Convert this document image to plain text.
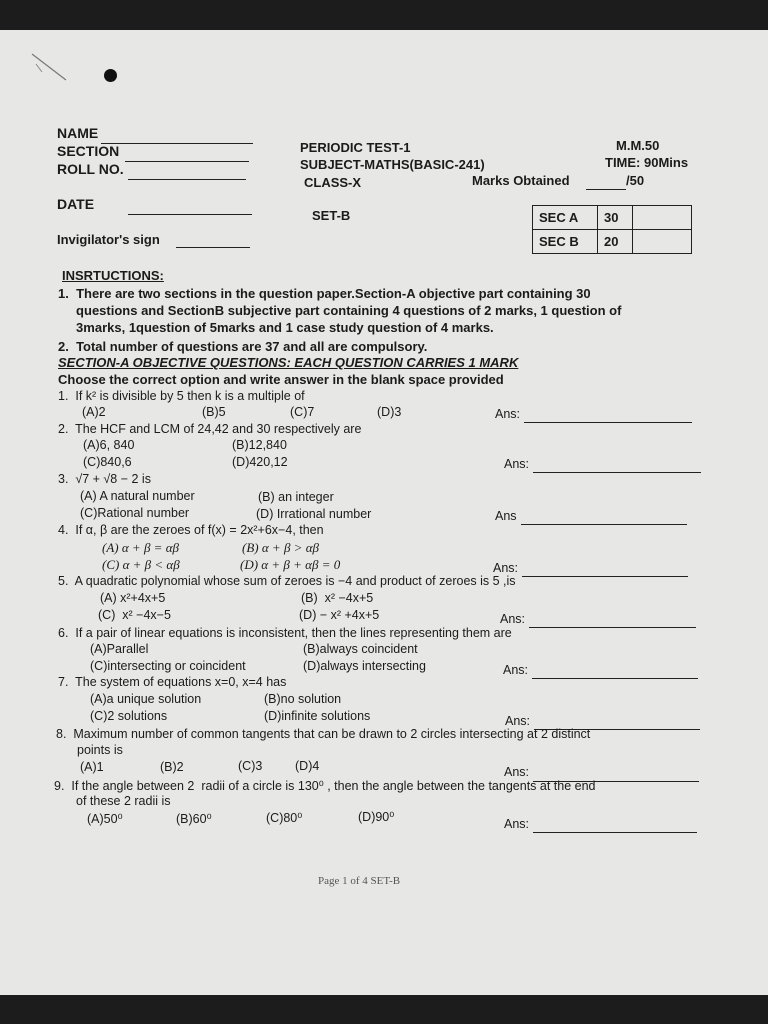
NAME
SECTION
ROLL NO.
DATE
Invigilator's sign
PERIODIC TEST-1
SUBJECT-MATHS(BASIC-241)
CLASS-X
SET-B
M.M.50
TIME: 90Mins
Marks Obtained	/50
SEC A	30	
SEC B	20	
INSRTUCTIONS:
1.  There are two sections in the question paper.Section-A objective part containing 30
questions and SectionB subjective part containing 4 questions of 2 marks, 1 question of
3marks, 1question of 5marks and 1 case study question of 4 marks.
2.  Total number of questions are 37 and all are compulsory.
SECTION-A OBJECTIVE QUESTIONS: EACH QUESTION CARRIES 1 MARK
Choose the correct option and write answer in the blank space provided
1.  If k² is divisible by 5 then k is a multiple of
(A)2	(B)5	(C)7	(D)3	Ans:
2.  The HCF and LCM of 24,42 and 30 respectively are
(A)6, 840	(B)12,840
(C)840,6	(D)420,12	Ans:
3.  √7 + √8 − 2 is
(A) A natural number	(B) an integer
(C)Rational number	(D) Irrational number	Ans
4.  If α, β are the zeroes of f(x) = 2x²+6x−4, then
(A) α + β = αβ	(B) α + β > αβ
(C) α + β < αβ	(D) α + β + αβ = 0	Ans:
5.  A quadratic polynomial whose sum of zeroes is −4 and product of zeroes is 5 ,is
(A) x²+4x+5	(B)  x² −4x+5
(C)  x² −4x−5	(D) − x² +4x+5	Ans:
6.  If a pair of linear equations is inconsistent, then the lines representing them are
(A)Parallel	(B)always coincident
(C)intersecting or coincident	(D)always intersecting	Ans:
7.  The system of equations x=0, x=4 has
(A)a unique solution	(B)no solution
(C)2 solutions	(D)infinite solutions	Ans:
8.  Maximum number of common tangents that can be drawn to 2 circles intersecting at 2 distinct
points is
(A)1	(B)2	(C)3	(D)4	Ans:
9.  If the angle between 2  radii of a circle is 130⁰ , then the angle between the tangents at the end
of these 2 radii is
(A)50⁰	(B)60⁰	(C)80⁰	(D)90⁰	Ans:
Page 1 of 4 SET-B
